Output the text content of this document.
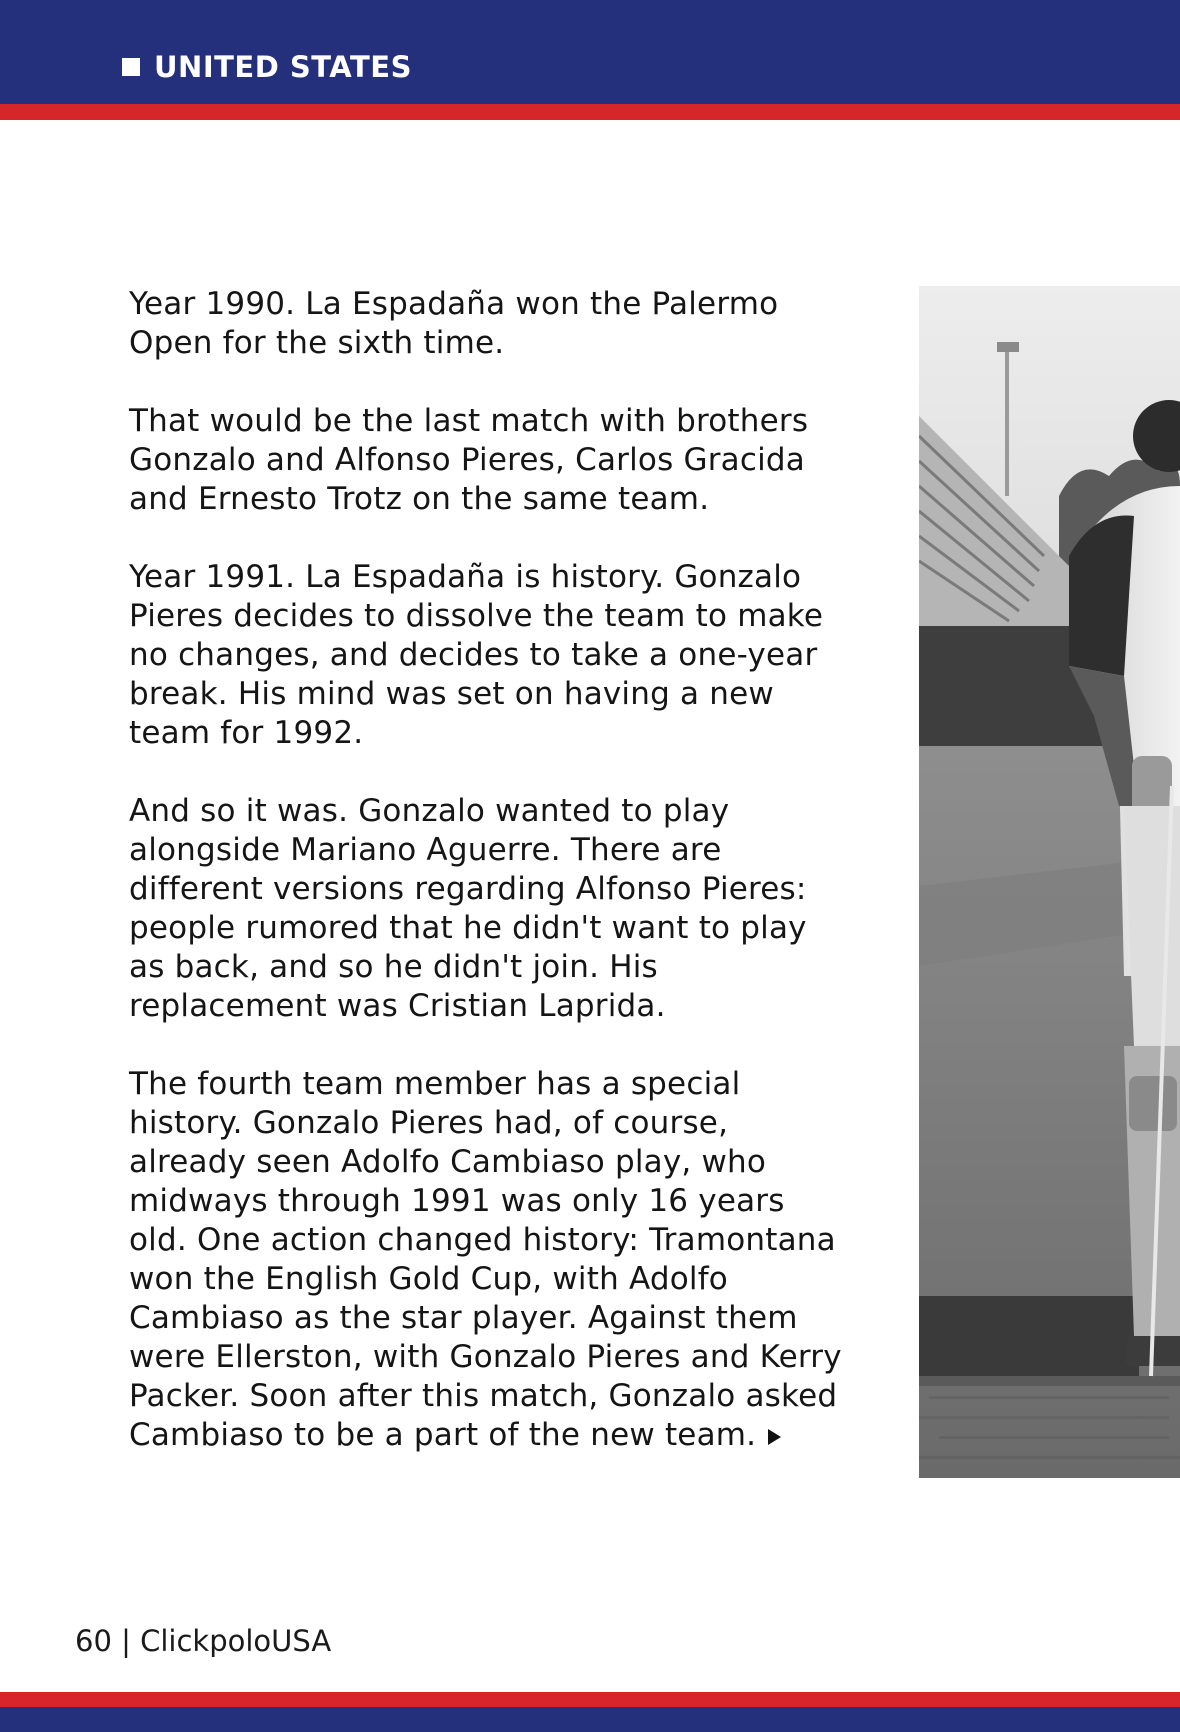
UNITED STATES

Year 1990. La Espadaña won the Palermo Open for the sixth time.

That would be the last match with brothers Gonzalo and Alfonso Pieres, Carlos Gracida and Ernesto Trotz on the same team.

Year 1991. La Espadaña is history. Gonzalo Pieres decides to dissolve the team to make no changes, and decides to take a one-year break. His mind was set on having a new team for 1992.

And so it was. Gonzalo wanted to play alongside Mariano Aguerre. There are different versions regarding Alfonso Pieres: people rumored that he didn't want to play as back, and so he didn't join. His replacement was Cristian Laprida.

The fourth team member has a special history. Gonzalo Pieres had, of course, already seen Adolfo Cambiaso play, who midways through 1991 was only 16 years old. One action changed history: Tramontana won the English Gold Cup, with Adolfo Cambiaso as the star player. Against them were Ellerston, with Gonzalo Pieres and Kerry Packer. Soon after this match, Gonzalo asked Cambiaso to be a part of the new team.

60 | ClickpoloUSA
